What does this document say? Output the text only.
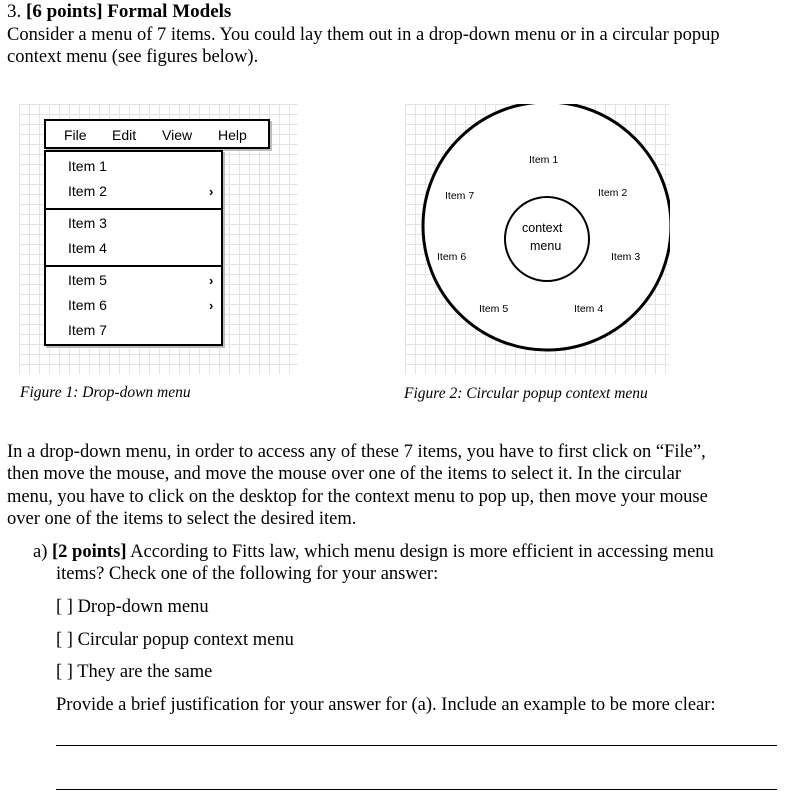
3. [6 points] Formal Models
Consider a menu of 7 items. You could lay them out in a drop-down menu or in a circular popup
context menu (see figures below).
File Edit View Help
Item 1
Item 2	›
Item 3
Item 4
Item 5	›
Item 6	›
Item 7
Figure 1: Drop-down menu
Item 1
Item 2
Item 3
Item 4
Item 5
Item 6
Item 7
context
menu
Figure 2: Circular popup context menu
In a drop-down menu, in order to access any of these 7 items, you have to first click on “File”,
then move the mouse, and move the mouse over one of the items to select it. In the circular
menu, you have to click on the desktop for the context menu to pop up, then move your mouse
over one of the items to select the desired item.
a) [2 points] According to Fitts law, which menu design is more efficient in accessing menu
items? Check one of the following for your answer:
[ ] Drop-down menu
[ ] Circular popup context menu
[ ] They are the same
Provide a brief justification for your answer for (a). Include an example to be more clear:
